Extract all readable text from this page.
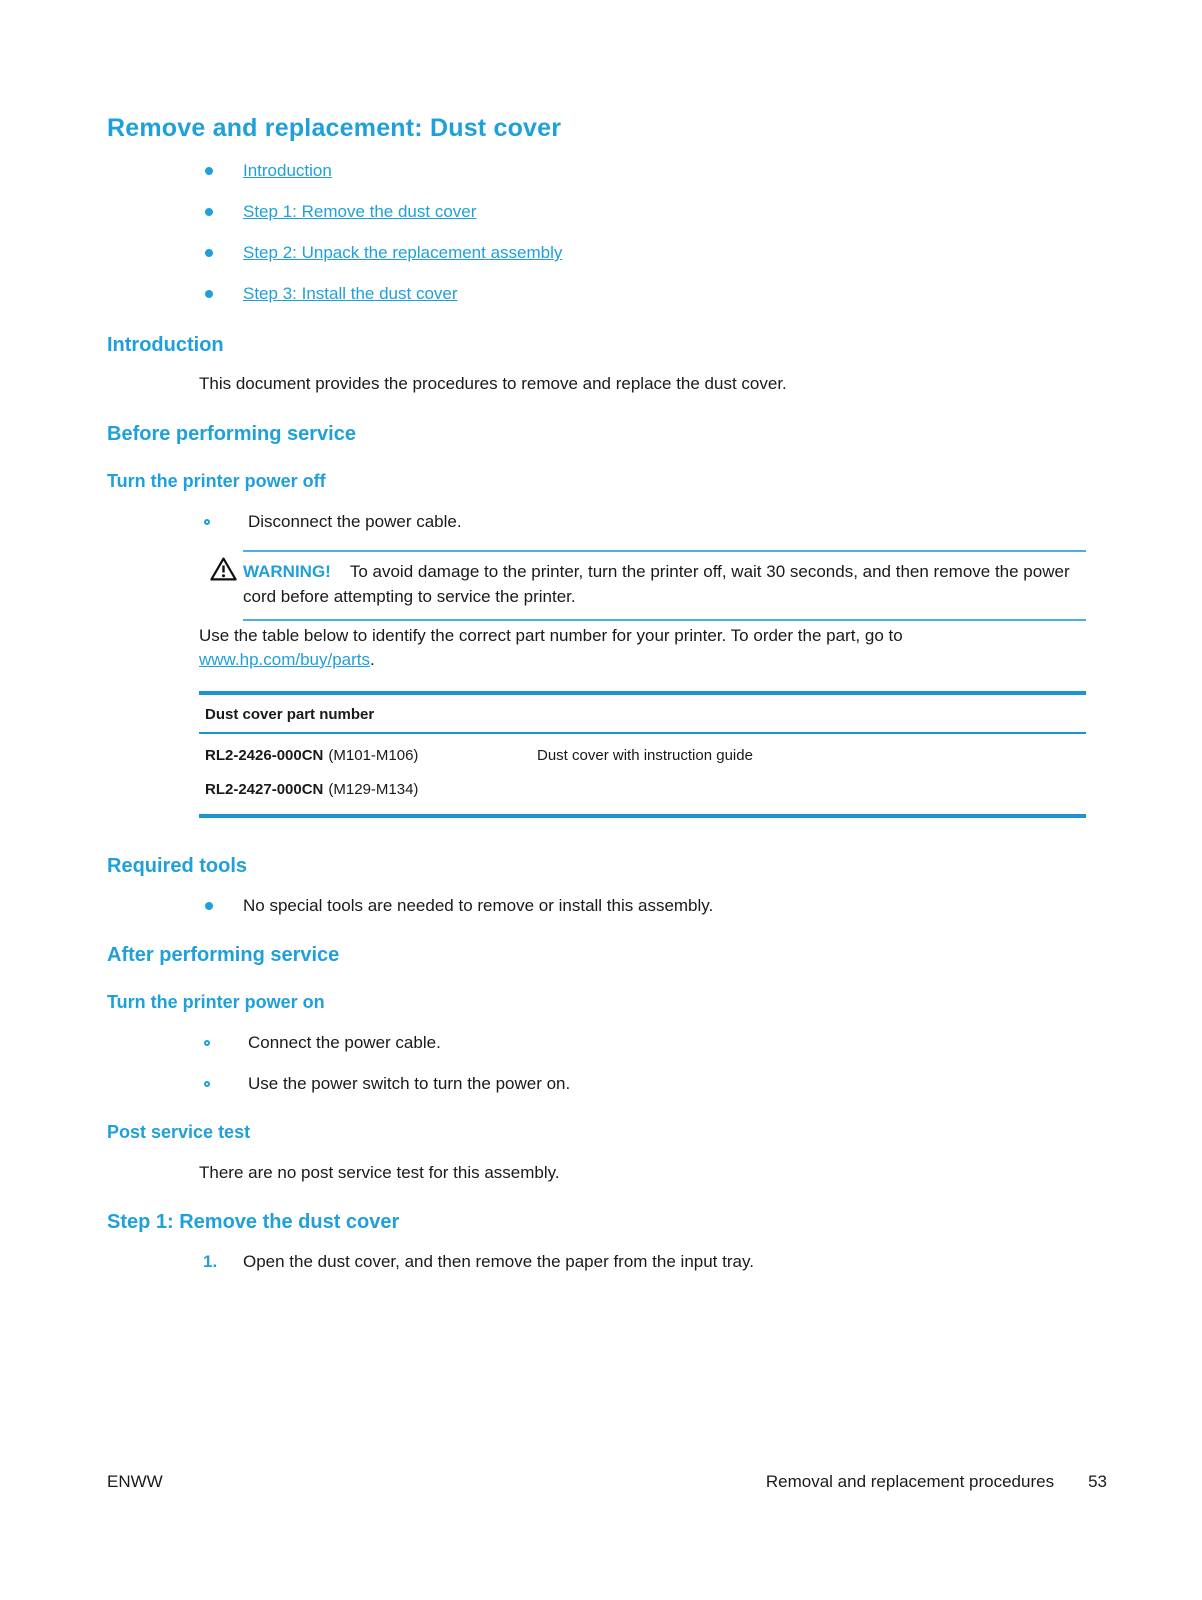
Remove and replacement: Dust cover
Introduction
Step 1: Remove the dust cover
Step 2: Unpack the replacement assembly
Step 3: Install the dust cover
Introduction
This document provides the procedures to remove and replace the dust cover.
Before performing service
Turn the printer power off
Disconnect the power cable.
WARNING! To avoid damage to the printer, turn the printer off, wait 30 seconds, and then remove the power cord before attempting to service the printer.
Use the table below to identify the correct part number for your printer. To order the part, go to www.hp.com/buy/parts.
Dust cover part number
RL2-2426-000CN (M101-M106)	Dust cover with instruction guide
RL2-2427-000CN (M129-M134)
Required tools
No special tools are needed to remove or install this assembly.
After performing service
Turn the printer power on
Connect the power cable.
Use the power switch to turn the power on.
Post service test
There are no post service test for this assembly.
Step 1: Remove the dust cover
1. Open the dust cover, and then remove the paper from the input tray.
ENWW	Removal and replacement procedures 53
